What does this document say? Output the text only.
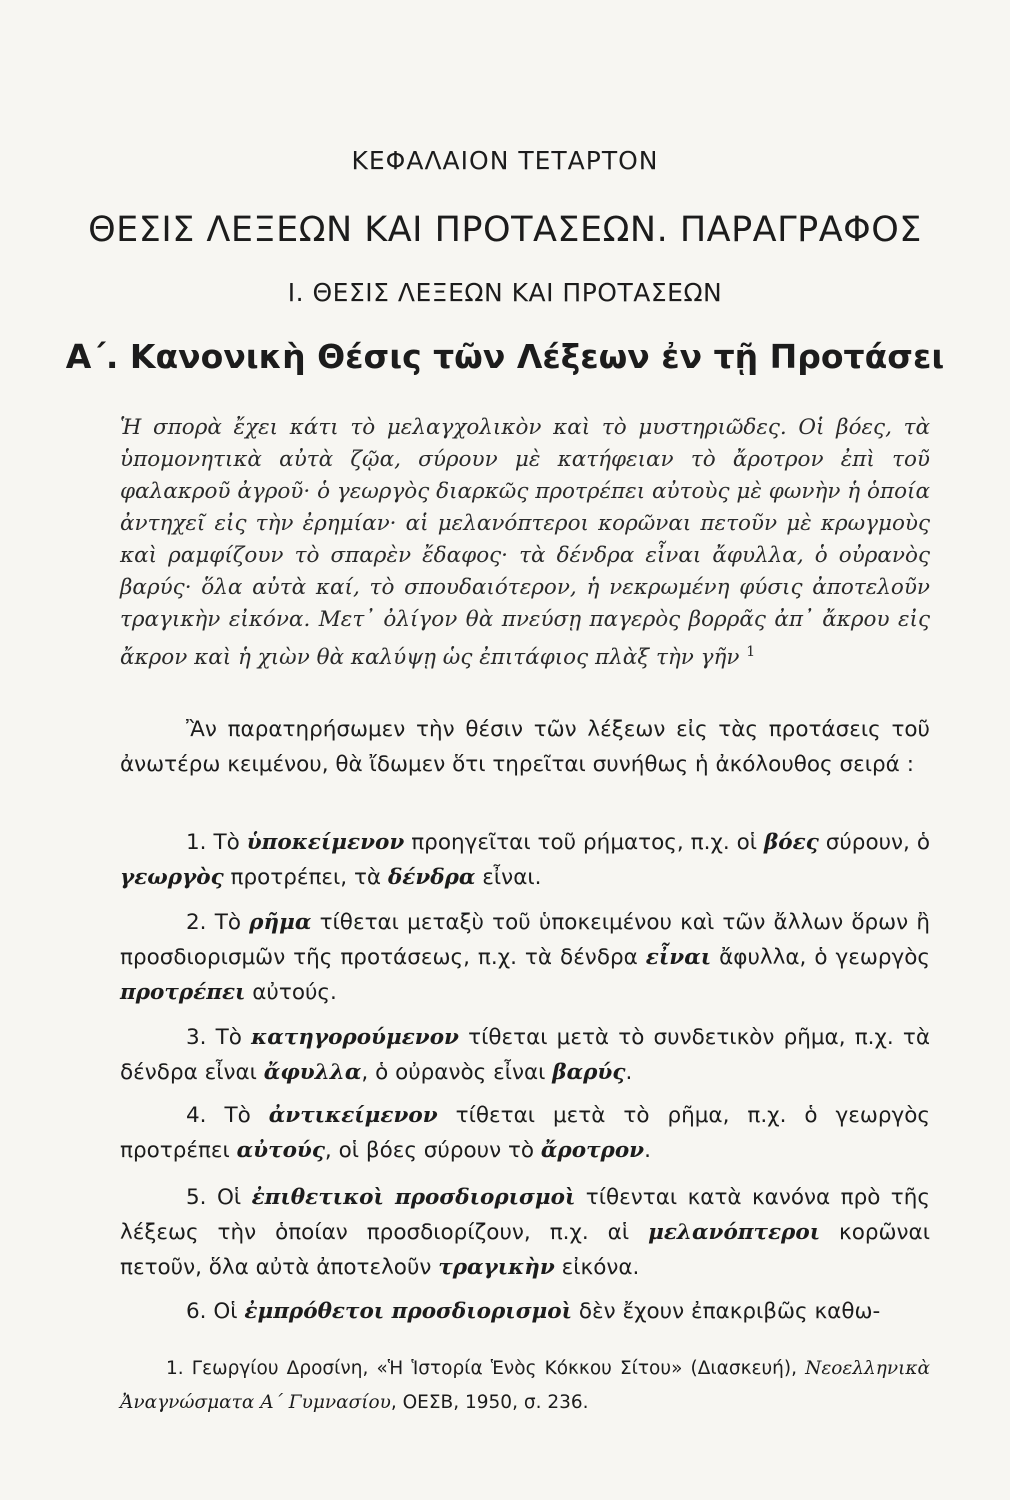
ΚΕΦΑΛΑΙΟΝ ΤΕΤΑΡΤΟΝ
ΘΕΣΙΣ ΛΕΞΕΩΝ ΚΑΙ ΠΡΟΤΑΣΕΩΝ. ΠΑΡΑΓΡΑΦΟΣ
Ι. ΘΕΣΙΣ ΛΕΞΕΩΝ ΚΑΙ ΠΡΟΤΑΣΕΩΝ
Α΄. Κανονικὴ Θέσις τῶν Λέξεων ἐν τῇ Προτάσει
Ἡ σπορὰ ἔχει κάτι τὸ μελαγχολικὸν καὶ τὸ μυστηριῶδες. Οἱ βόες, τὰ ὑπομονητικὰ αὐτὰ ζῷα, σύρουν μὲ κατήφειαν τὸ ἄροτρον ἐπὶ τοῦ φαλακροῦ ἀγροῦ· ὁ γεωργὸς διαρκῶς προτρέπει αὐτοὺς μὲ φωνὴν ἡ ὁποία ἀντηχεῖ εἰς τὴν ἐρημίαν· αἱ μελανόπτεροι κορῶναι πετοῦν μὲ κρωγμοὺς καὶ ραμφίζουν τὸ σπαρὲν ἔδαφος· τὰ δένδρα εἶναι ἄφυλλα, ὁ οὐρανὸς βαρύς· ὅλα αὐτὰ καί, τὸ σπουδαιότερον, ἡ νεκρωμένη φύσις ἀποτελοῦν τραγικὴν εἰκόνα. Μετ᾽ ὀλίγον θὰ πνεύσῃ παγερὸς βορρᾶς ἀπ᾽ ἄκρου εἰς ἄκρον καὶ ἡ χιὼν θὰ καλύψῃ ὡς ἐπιτάφιος πλὰξ τὴν γῆν $^1$
Ἂν παρατηρήσωμεν τὴν θέσιν τῶν λέξεων εἰς τὰς προτάσεις τοῦ ἀνωτέρω κειμένου, θὰ ἴδωμεν ὅτι τηρεῖται συνήθως ἡ ἀκόλουθος σειρά :
1. Τὸ ὑποκείμενον προηγεῖται τοῦ ρήματος, π.χ. οἱ βόες σύρουν, ὁ γεωργὸς προτρέπει, τὰ δένδρα εἶναι.
2. Τὸ ρῆμα τίθεται μεταξὺ τοῦ ὑποκειμένου καὶ τῶν ἄλλων ὅρων ἢ προσδιορισμῶν τῆς προτάσεως, π.χ. τὰ δένδρα εἶναι ἄφυλλα, ὁ γεωργὸς προτρέπει αὐτούς.
3. Τὸ κατηγορούμενον τίθεται μετὰ τὸ συνδετικὸν ρῆμα, π.χ. τὰ δένδρα εἶναι ἄφυλλα, ὁ οὐρανὸς εἶναι βαρύς.
4. Τὸ ἀντικείμενον τίθεται μετὰ τὸ ρῆμα, π.χ. ὁ γεωργὸς προτρέπει αὐτούς, οἱ βόες σύρουν τὸ ἄροτρον.
5. Οἱ ἐπιθετικοὶ προσδιορισμοὶ τίθενται κατὰ κανόνα πρὸ τῆς λέξεως τὴν ὁποίαν προσδιορίζουν, π.χ. αἱ μελανόπτεροι κορῶναι πετοῦν, ὅλα αὐτὰ ἀποτελοῦν τραγικὴν εἰκόνα.
6. Οἱ ἐμπρόθετοι προσδιορισμοὶ δὲν ἔχουν ἐπακριβῶς καθω-
1. Γεωργίου Δροσίνη, «Ἡ Ἱστορία Ἑνὸς Κόκκου Σίτου» (Διασκευή), Νεοελληνικὰ Ἀναγνώσματα Α΄ Γυμνασίου, ΟΕΣΒ, 1950, σ. 236.
